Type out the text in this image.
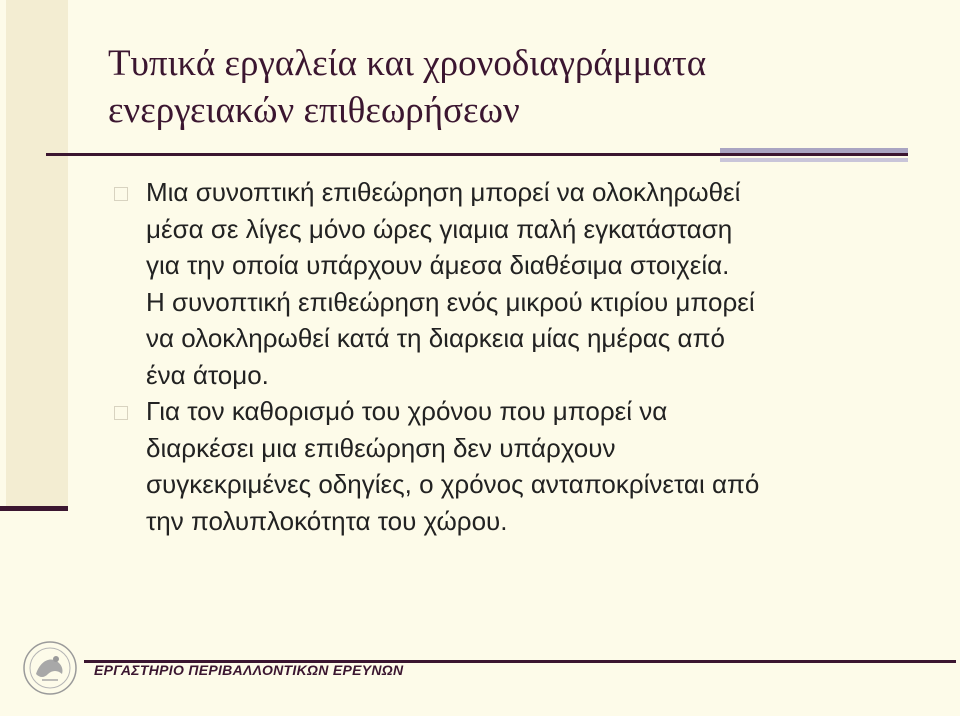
Τυπικά εργαλεία και χρονοδιαγράμματα
ενεργειακών επιθεωρήσεων

Μια συνοπτική επιθεώρηση μπορεί να ολοκληρωθεί
μέσα σε λίγες μόνο ώρες γιαμια παλή εγκατάσταση
για την οποία υπάρχουν άμεσα διαθέσιμα στοιχεία.

Η συνοπτική επιθεώρηση ενός μικρού κτιρίου μπορεί
να ολοκληρωθεί κατά τη διαρκεια μίας ημέρας από
ένα άτομο.

Για τον καθορισμό του χρόνου που μπορεί να
διαρκέσει μια επιθεώρηση δεν υπάρχουν
συγκεκριμένες οδηγίες, ο χρόνος ανταποκρίνεται από
την πολυπλοκότητα του χώρου.

ΕΡΓΑΣΤΗΡΙΟ ΠΕΡΙΒΑΛΛΟΝΤΙΚΩΝ ΕΡΕΥΝΩΝ
